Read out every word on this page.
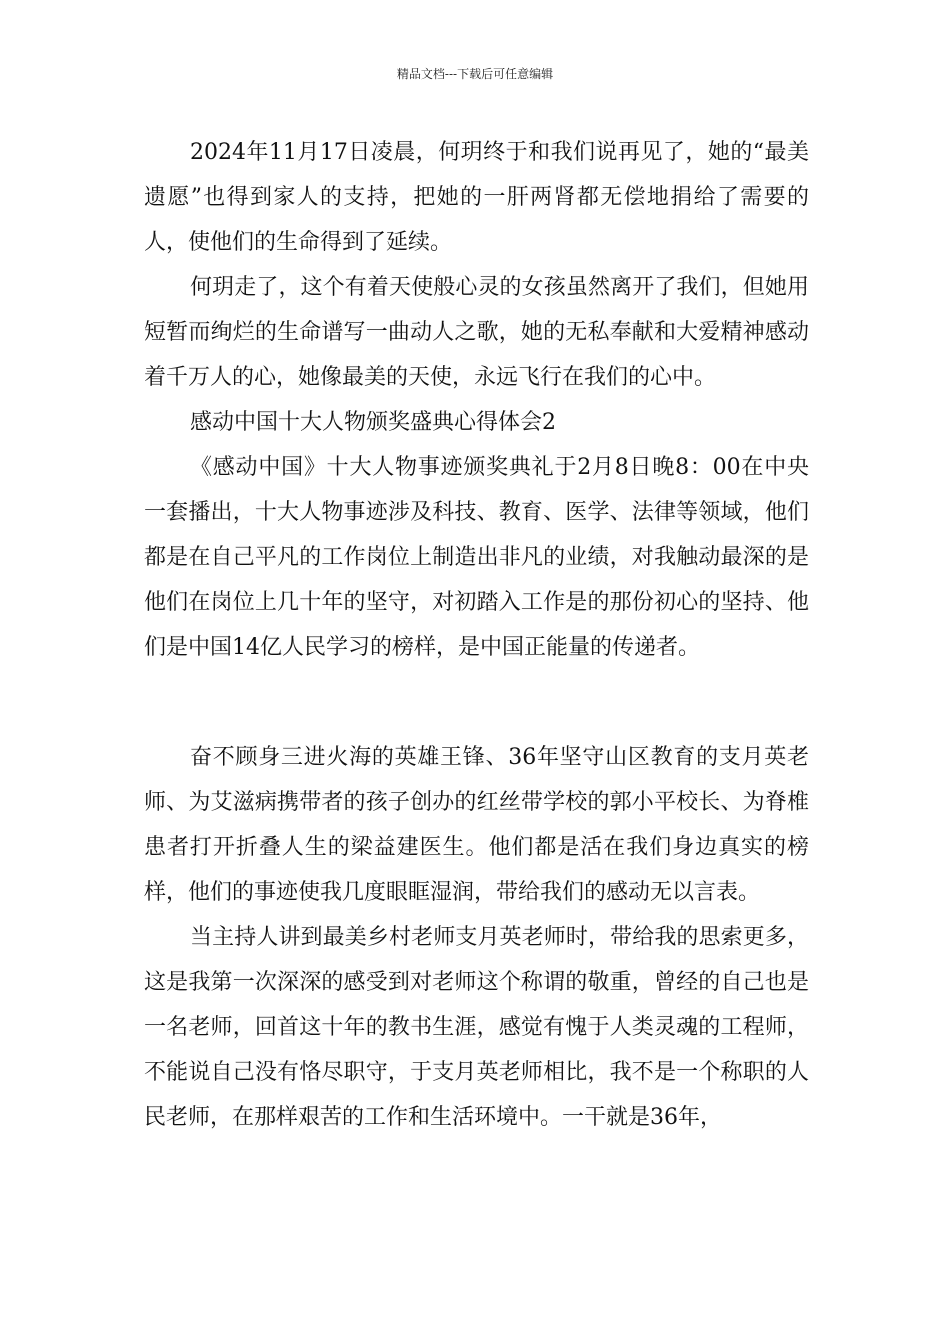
精品文档---下载后可任意编辑

2024年11月17日凌晨，何玥终于和我们说再见了，她的“最美遗愿”也得到家人的支持，把她的一肝两肾都无偿地捐给了需要的人，使他们的生命得到了延续。

何玥走了，这个有着天使般心灵的女孩虽然离开了我们，但她用短暂而绚烂的生命谱写一曲动人之歌，她的无私奉献和大爱精神感动着千万人的心，她像最美的天使，永远飞行在我们的心中。

感动中国十大人物颁奖盛典心得体会2

《感动中国》十大人物事迹颁奖典礼于2月8日晚8：00在中央一套播出，十大人物事迹涉及科技、教育、医学、法律等领域，他们都是在自己平凡的工作岗位上制造出非凡的业绩，对我触动最深的是他们在岗位上几十年的坚守，对初踏入工作是的那份初心的坚持、他们是中国14亿人民学习的榜样，是中国正能量的传递者。

奋不顾身三进火海的英雄王锋、36年坚守山区教育的支月英老师、为艾滋病携带者的孩子创办的红丝带学校的郭小平校长、为脊椎患者打开折叠人生的梁益建医生。他们都是活在我们身边真实的榜样，他们的事迹使我几度眼眶湿润，带给我们的感动无以言表。

当主持人讲到最美乡村老师支月英老师时，带给我的思索更多，这是我第一次深深的感受到对老师这个称谓的敬重，曾经的自己也是一名老师，回首这十年的教书生涯，感觉有愧于人类灵魂的工程师，不能说自己没有恪尽职守，于支月英老师相比，我不是一个称职的人民老师，在那样艰苦的工作和生活环境中。一干就是36年，
